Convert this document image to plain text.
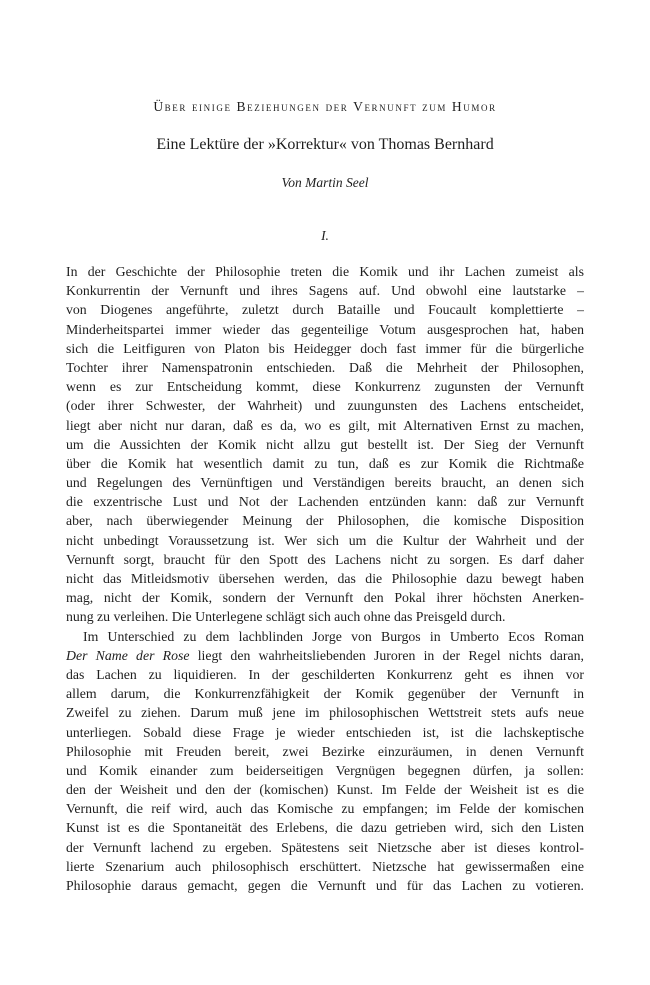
Über einige Beziehungen der Vernunft zum Humor
Eine Lektüre der »Korrektur« von Thomas Bernhard

Von Martin Seel

I.
In der Geschichte der Philosophie treten die Komik und ihr Lachen zumeist als
Konkurrentin der Vernunft und ihres Sagens auf. Und obwohl eine lautstarke –
von Diogenes angeführte, zuletzt durch Bataille und Foucault komplettierte –
Minderheitspartei immer wieder das gegenteilige Votum ausgesprochen hat, haben
sich die Leitfiguren von Platon bis Heidegger doch fast immer für die bürgerliche
Tochter ihrer Namenspatronin entschieden. Daß die Mehrheit der Philosophen,
wenn es zur Entscheidung kommt, diese Konkurrenz zugunsten der Vernunft
(oder ihrer Schwester, der Wahrheit) und zuungunsten des Lachens entscheidet,
liegt aber nicht nur daran, daß es da, wo es gilt, mit Alternativen Ernst zu machen,
um die Aussichten der Komik nicht allzu gut bestellt ist. Der Sieg der Vernunft
über die Komik hat wesentlich damit zu tun, daß es zur Komik die Richtmaße
und Regelungen des Vernünftigen und Verständigen bereits braucht, an denen sich
die exzentrische Lust und Not der Lachenden entzünden kann: daß zur Vernunft
aber, nach überwiegender Meinung der Philosophen, die komische Disposition
nicht unbedingt Voraussetzung ist. Wer sich um die Kultur der Wahrheit und der
Vernunft sorgt, braucht für den Spott des Lachens nicht zu sorgen. Es darf daher
nicht das Mitleidsmotiv übersehen werden, das die Philosophie dazu bewegt haben
mag, nicht der Komik, sondern der Vernunft den Pokal ihrer höchsten Anerken-
nung zu verleihen. Die Unterlegene schlägt sich auch ohne das Preisgeld durch.
Im Unterschied zu dem lachblinden Jorge von Burgos in Umberto Ecos Roman
Der Name der Rose liegt den wahrheitsliebenden Juroren in der Regel nichts daran,
das Lachen zu liquidieren. In der geschilderten Konkurrenz geht es ihnen vor
allem darum, die Konkurrenzfähigkeit der Komik gegenüber der Vernunft in
Zweifel zu ziehen. Darum muß jene im philosophischen Wettstreit stets aufs neue
unterliegen. Sobald diese Frage je wieder entschieden ist, ist die lachskeptische
Philosophie mit Freuden bereit, zwei Bezirke einzuräumen, in denen Vernunft
und Komik einander zum beiderseitigen Vergnügen begegnen dürfen, ja sollen:
den der Weisheit und den der (komischen) Kunst. Im Felde der Weisheit ist es die
Vernunft, die reif wird, auch das Komische zu empfangen; im Felde der komischen
Kunst ist es die Spontaneität des Erlebens, die dazu getrieben wird, sich den Listen
der Vernunft lachend zu ergeben. Spätestens seit Nietzsche aber ist dieses kontrol-
lierte Szenarium auch philosophisch erschüttert. Nietzsche hat gewissermaßen eine
Philosophie daraus gemacht, gegen die Vernunft und für das Lachen zu votieren.
